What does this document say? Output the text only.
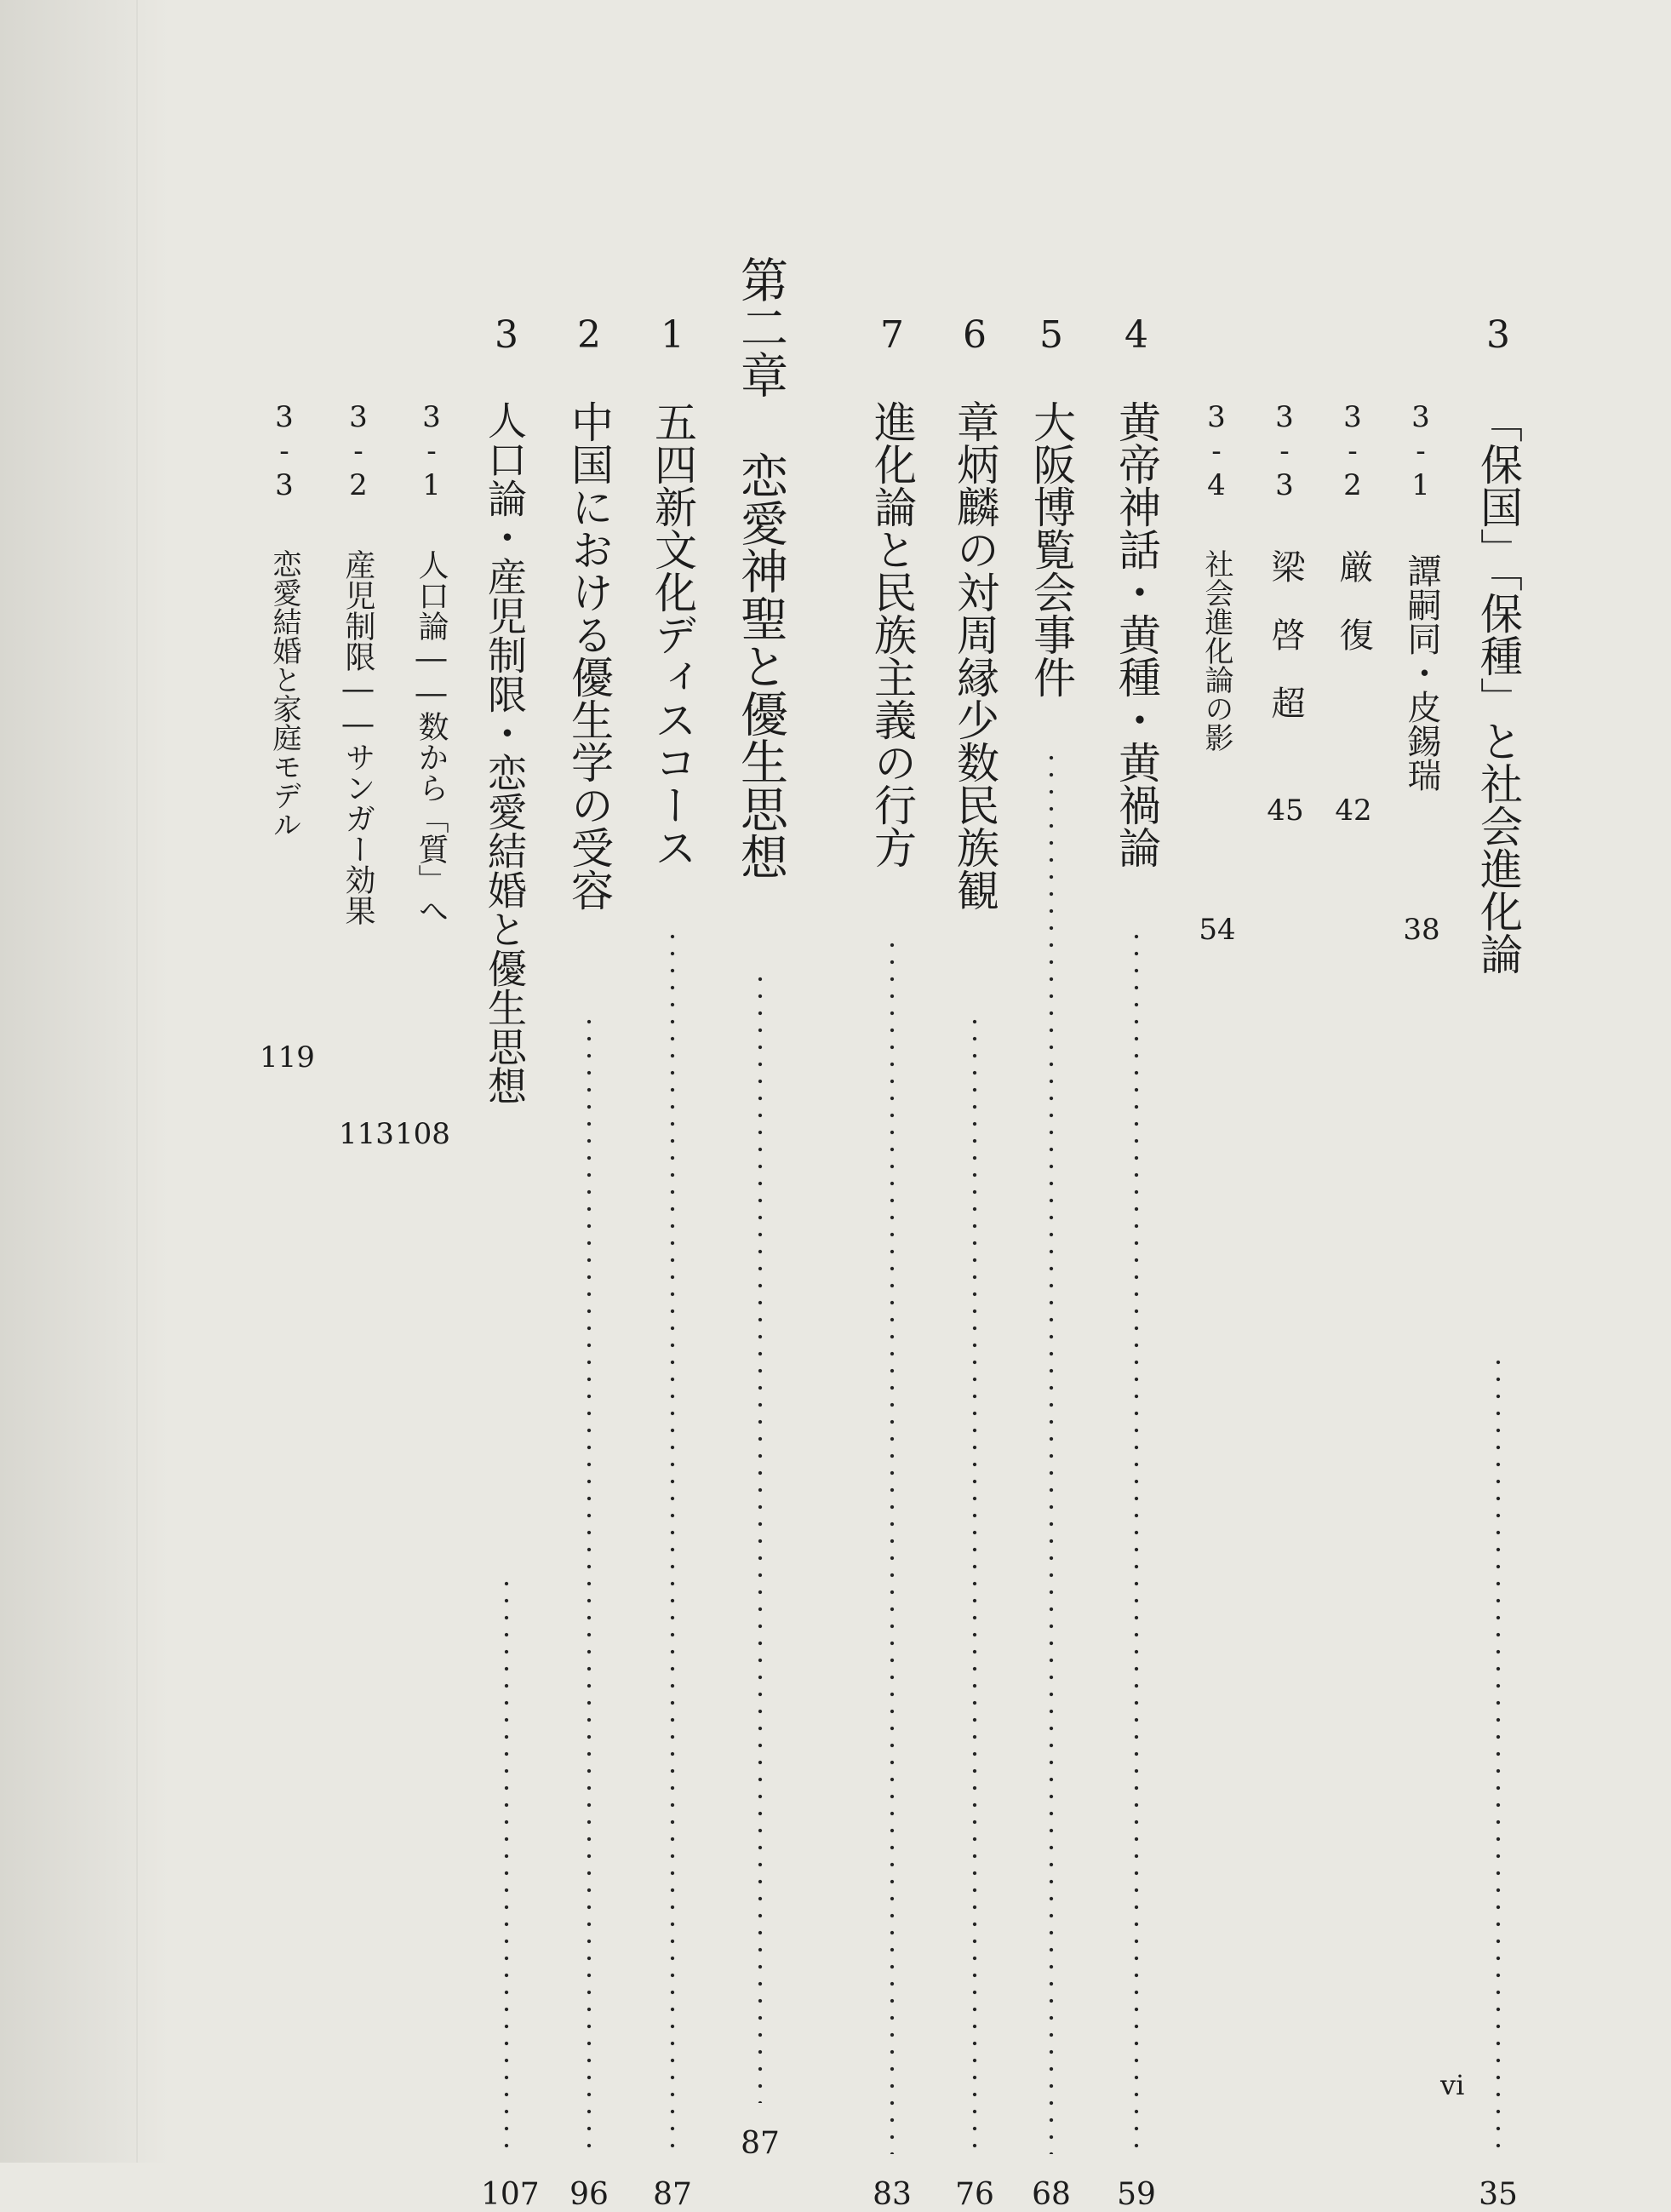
3
「保国」「保種」と社会進化論
35
3-1
譚嗣同・皮錫瑞
38
3-2
厳　復
42
3-3
梁　啓　超
45
3-4
社会進化論の影
54
4
黄帝神話・黄種・黄禍論
59
5
大阪博覧会事件
68
6
章炳麟の対周縁少数民族観
76
7
進化論と民族主義の行方
83
第二章
恋愛神聖と優生思想
87
1
五四新文化ディスコース
87
2
中国における優生学の受容
96
3
人口論・産児制限・恋愛結婚と優生思想
107
3-1
人口論――数から「質」へ
108
3-2
産児制限――サンガー効果
113
3-3
恋愛結婚と家庭モデル
119
vi
